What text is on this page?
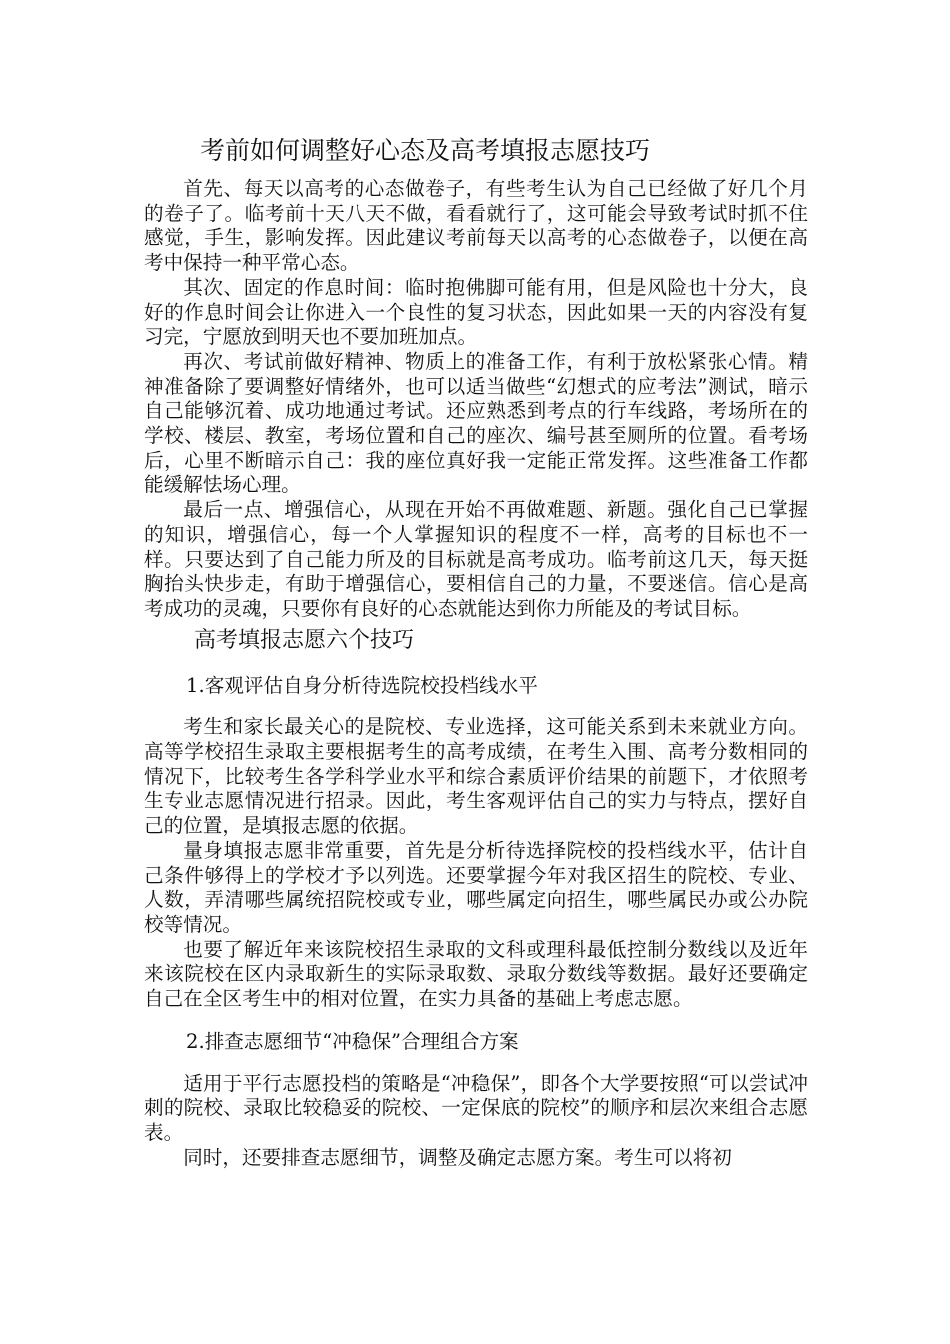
考前如何调整好心态及高考填报志愿技巧

首先、每天以高考的心态做卷子，有些考生认为自己已经做了好几个月的卷子了。临考前十天八天不做，看看就行了，这可能会导致考试时抓不住感觉，手生，影响发挥。因此建议考前每天以高考的心态做卷子，以便在高考中保持一种平常心态。

其次、固定的作息时间：临时抱佛脚可能有用，但是风险也十分大，良好的作息时间会让你进入一个良性的复习状态，因此如果一天的内容没有复习完，宁愿放到明天也不要加班加点。

再次、考试前做好精神、物质上的准备工作，有利于放松紧张心情。精神准备除了要调整好情绪外，也可以适当做些“幻想式的应考法”测试，暗示自己能够沉着、成功地通过考试。还应熟悉到考点的行车线路，考场所在的学校、楼层、教室，考场位置和自己的座次、编号甚至厕所的位置。看考场后，心里不断暗示自己：我的座位真好我一定能正常发挥。这些准备工作都能缓解怯场心理。

最后一点、增强信心，从现在开始不再做难题、新题。强化自己已掌握的知识，增强信心，每一个人掌握知识的程度不一样，高考的目标也不一样。只要达到了自己能力所及的目标就是高考成功。临考前这几天，每天挺胸抬头快步走，有助于增强信心，要相信自己的力量，不要迷信。信心是高考成功的灵魂，只要你有良好的心态就能达到你力所能及的考试目标。

高考填报志愿六个技巧
1.客观评估自身分析待选院校投档线水平

考生和家长最关心的是院校、专业选择，这可能关系到未来就业方向。高等学校招生录取主要根据考生的高考成绩，在考生入围、高考分数相同的情况下，比较考生各学科学业水平和综合素质评价结果的前题下，才依照考生专业志愿情况进行招录。因此，考生客观评估自己的实力与特点，摆好自己的位置，是填报志愿的依据。

量身填报志愿非常重要，首先是分析待选择院校的投档线水平，估计自己条件够得上的学校才予以列选。还要掌握今年对我区招生的院校、专业、人数，弄清哪些属统招院校或专业，哪些属定向招生，哪些属民办或公办院校等情况。

也要了解近年来该院校招生录取的文科或理科最低控制分数线以及近年来该院校在区内录取新生的实际录取数、录取分数线等数据。最好还要确定自己在全区考生中的相对位置，在实力具备的基础上考虑志愿。

2.排查志愿细节“冲稳保”合理组合方案

适用于平行志愿投档的策略是“冲稳保”，即各个大学要按照“可以尝试冲刺的院校、录取比较稳妥的院校、一定保底的院校”的顺序和层次来组合志愿表。

同时，还要排查志愿细节，调整及确定志愿方案。考生可以将初
